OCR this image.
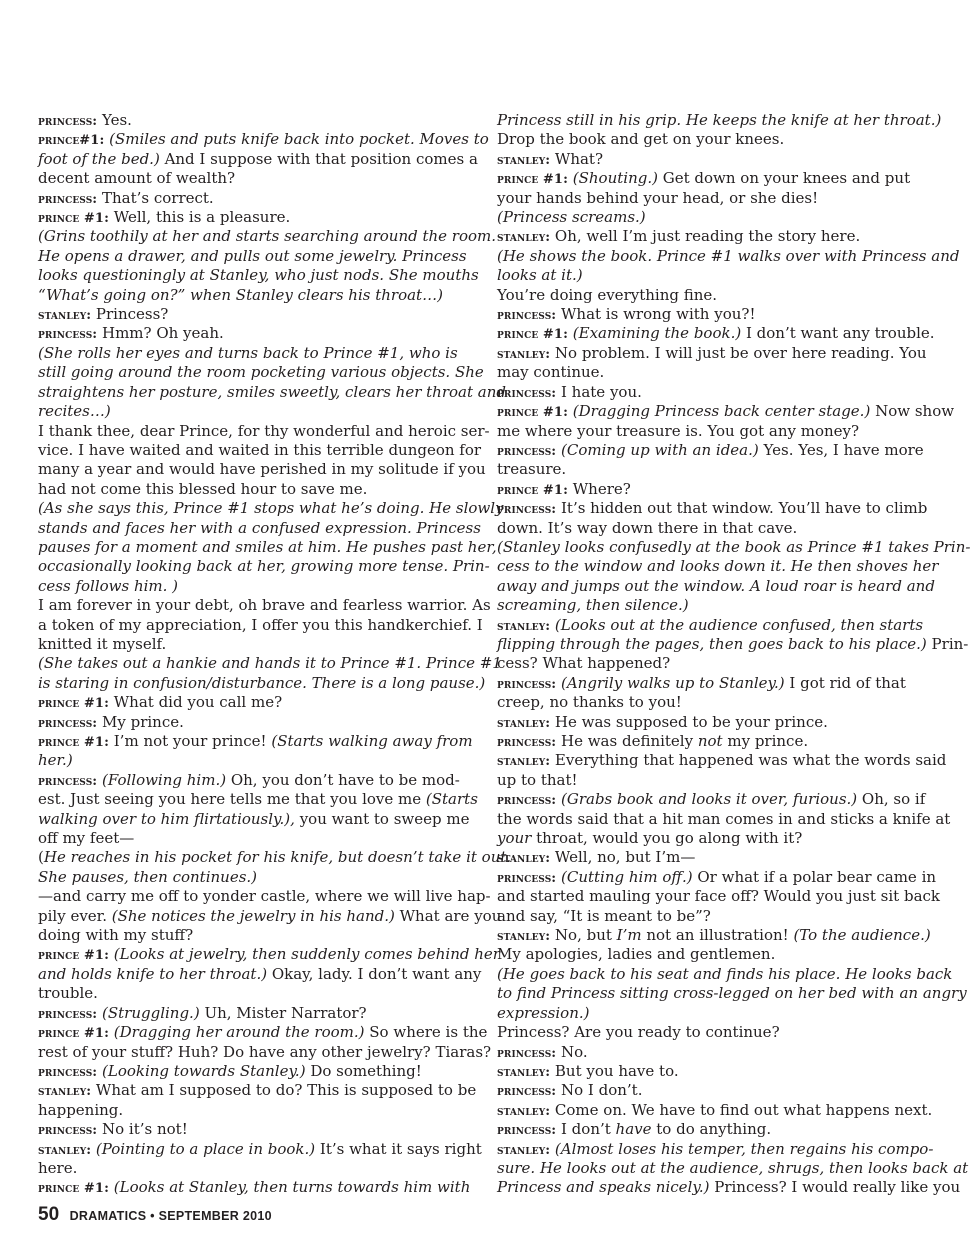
princess: Yes.
prince#1: (Smiles and puts knife back into pocket. Moves to
foot of the bed.) And I suppose with that position comes a
decent amount of wealth?
princess: That’s correct.
prince #1: Well, this is a pleasure.
(Grins toothily at her and starts searching around the room.
He opens a drawer, and pulls out some jewelry. Princess
looks questioningly at Stanley, who just nods. She mouths
“What’s going on?” when Stanley clears his throat…)
stanley: Princess?
princess: Hmm? Oh yeah.
(She rolls her eyes and turns back to Prince #1, who is
still going around the room pocketing various objects. She
straightens her posture, smiles sweetly, clears her throat and
recites…)
I thank thee, dear Prince, for thy wonderful and heroic ser-
vice. I have waited and waited in this terrible dungeon for
many a year and would have perished in my solitude if you
had not come this blessed hour to save me.
(As she says this, Prince #1 stops what he’s doing. He slowly
stands and faces her with a confused expression. Princess
pauses for a moment and smiles at him. He pushes past her,
occasionally looking back at her, growing more tense. Prin-
cess follows him. )
I am forever in your debt, oh brave and fearless warrior. As
a token of my appreciation, I offer you this handkerchief. I
knitted it myself.
(She takes out a hankie and hands it to Prince #1. Prince #1
is staring in confusion/disturbance. There is a long pause.)
prince #1: What did you call me?
princess: My prince.
prince #1: I’m not your prince! (Starts walking away from
her.)
princess: (Following him.) Oh, you don’t have to be mod-
est. Just seeing you here tells me that you love me (Starts
walking over to him flirtatiously.), you want to sweep me
off my feet—
(He reaches in his pocket for his knife, but doesn’t take it out.
She pauses, then continues.)
—and carry me off to yonder castle, where we will live hap-
pily ever. (She notices the jewelry in his hand.) What are you
doing with my stuff?
prince #1: (Looks at jewelry, then suddenly comes behind her
and holds knife to her throat.) Okay, lady. I don’t want any
trouble.
princess: (Struggling.) Uh, Mister Narrator?
prince #1: (Dragging her around the room.) So where is the
rest of your stuff? Huh? Do have any other jewelry? Tiaras?
princess: (Looking towards Stanley.) Do something!
stanley: What am I supposed to do? This is supposed to be
happening.
princess: No it’s not!
stanley: (Pointing to a place in book.) It’s what it says right
here.
prince #1: (Looks at Stanley, then turns towards him with
Princess still in his grip. He keeps the knife at her throat.)
Drop the book and get on your knees.
stanley: What?
prince #1: (Shouting.) Get down on your knees and put
your hands behind your head, or she dies!
(Princess screams.)
stanley: Oh, well I’m just reading the story here.
(He shows the book. Prince #1 walks over with Princess and
looks at it.)
You’re doing everything fine.
princess: What is wrong with you?!
prince #1: (Examining the book.) I don’t want any trouble.
stanley: No problem. I will just be over here reading. You
may continue.
princess: I hate you.
prince #1: (Dragging Princess back center stage.) Now show
me where your treasure is. You got any money?
princess: (Coming up with an idea.) Yes. Yes, I have more
treasure.
prince #1: Where?
princess: It’s hidden out that window. You’ll have to climb
down. It’s way down there in that cave.
(Stanley looks confusedly at the book as Prince #1 takes Prin-
cess to the window and looks down it. He then shoves her
away and jumps out the window. A loud roar is heard and
screaming, then silence.)
stanley: (Looks out at the audience confused, then starts
flipping through the pages, then goes back to his place.) Prin-
cess? What happened?
princess: (Angrily walks up to Stanley.) I got rid of that
creep, no thanks to you!
stanley: He was supposed to be your prince.
princess: He was definitely not my prince.
stanley: Everything that happened was what the words said
up to that!
princess: (Grabs book and looks it over, furious.) Oh, so if
the words said that a hit man comes in and sticks a knife at
your throat, would you go along with it?
stanley: Well, no, but I’m—
princess: (Cutting him off.) Or what if a polar bear came in
and started mauling your face off? Would you just sit back
and say, “It is meant to be”?
stanley: No, but I’m not an illustration! (To the audience.)
My apologies, ladies and gentlemen.
(He goes back to his seat and finds his place. He looks back
to find Princess sitting cross-legged on her bed with an angry
expression.)
Princess? Are you ready to continue?
princess: No.
stanley: But you have to.
princess: No I don’t.
stanley: Come on. We have to find out what happens next.
princess: I don’t have to do anything.
stanley: (Almost loses his temper, then regains his compo-
sure. He looks out at the audience, shrugs, then looks back at
Princess and speaks nicely.) Princess? I would really like you
50 DRAMATICS • SEPTEMBER 2010
